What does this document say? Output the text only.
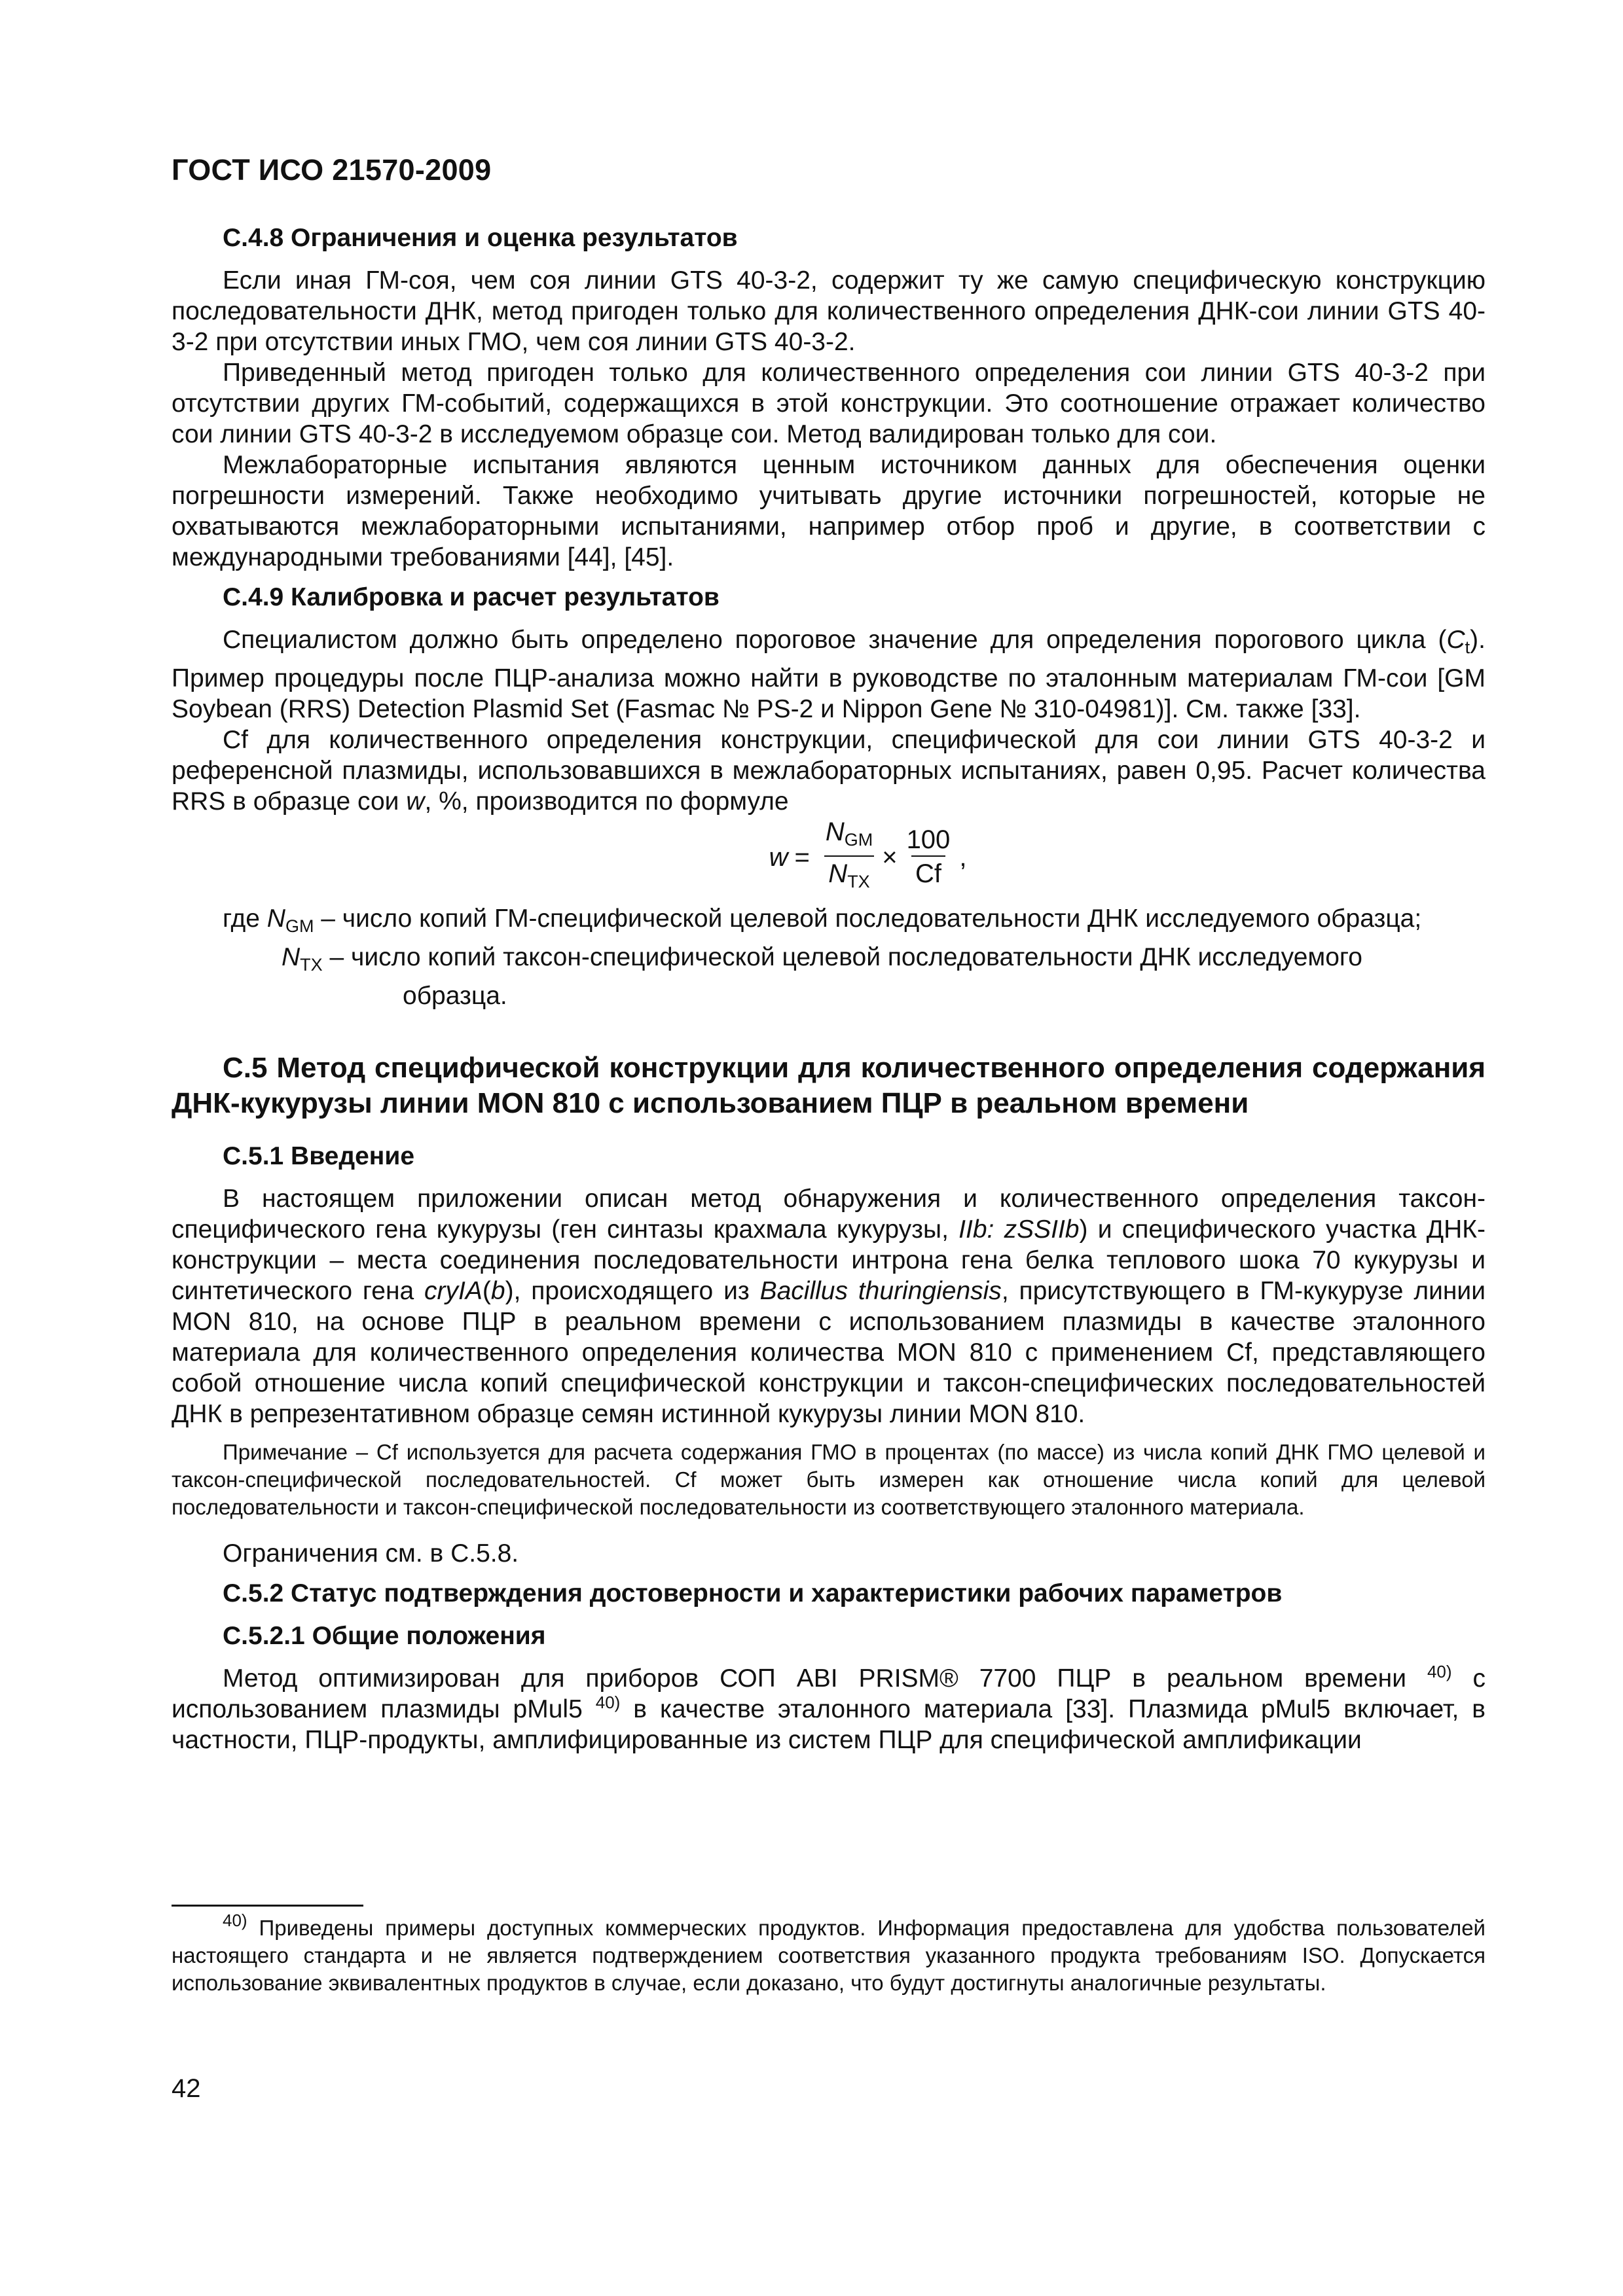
ГОСТ ИСО 21570-2009
С.4.8 Ограничения и оценка результатов

Если иная ГМ-соя, чем соя линии GTS 40-3-2, содержит ту же самую специфическую конструкцию последовательности ДНК, метод пригоден только для количественного определения ДНК-сои линии GTS 40-3-2 при отсутствии иных ГМО, чем соя линии GTS 40-3-2.

Приведенный метод пригоден только для количественного определения сои линии GTS 40-3-2 при отсутствии других ГМ-событий, содержащихся в этой конструкции. Это соотношение отражает количество сои линии GTS 40-3-2 в исследуемом образце сои. Метод валидирован только для сои.

Межлабораторные испытания являются ценным источником данных для обеспечения оценки погрешности измерений. Также необходимо учитывать другие источники погрешностей, которые не охватываются межлабораторными испытаниями, например отбор проб и другие, в соответствии с международными требованиями [44], [45].

С.4.9 Калибровка и расчет результатов

Специалистом должно быть определено пороговое значение для определения порогового цикла $(C_t)$. Пример процедуры после ПЦР-анализа можно найти в руководстве по эталонным материалам ГМ-сои [GM Soybean (RRS) Detection Plasmid Set (Fasmac № PS-2 и Nippon Gene № 310-04981)]. См. также [33].

Cf для количественного определения конструкции, специфической для сои линии GTS 40-3-2 и референсной плазмиды, использовавшихся в межлабораторных испытаниях, равен 0,95. Расчет количества RRS в образце сои w, %, производится по формуле

$w = \frac{N_{GM}}{N_{TX}} \times \frac{100}{Cf}$ ,
где $N_{GM}$ – число копий ГМ-специфической целевой последовательности ДНК исследуемого образца;
$N_{TX}$ – число копий таксон-специфической целевой последовательности ДНК исследуемого
образца.
С.5 Метод специфической конструкции для количественного определения содержания ДНК-кукурузы линии MON 810 с использованием ПЦР в реальном времени
С.5.1 Введение

В настоящем приложении описан метод обнаружения и количественного определения таксон-специфического гена кукурузы (ген синтазы крахмала кукурузы, IIb: zSSIIb) и специфического участка ДНК-конструкции – места соединения последовательности интрона гена белка теплового шока 70 кукурузы и синтетического гена cryIA(b), происходящего из Bacillus thuringiensis, присутствующего в ГМ-кукурузе линии MON 810, на основе ПЦР в реальном времени с использованием плазмиды в качестве эталонного материала для количественного определения количества MON 810 с применением Cf, представляющего собой отношение числа копий специфической конструкции и таксон-специфических последовательностей ДНК в репрезентативном образце семян истинной кукурузы линии MON 810.

Примечание – Cf используется для расчета содержания ГМО в процентах (по массе) из числа копий ДНК ГМО целевой и таксон-специфической последовательностей. Cf может быть измерен как отношение числа копий для целевой последовательности и таксон-специфической последовательности из соответствующего эталонного материала.

Ограничения см. в С.5.8.

С.5.2 Статус подтверждения достоверности и характеристики рабочих параметров
С.5.2.1 Общие положения

Метод оптимизирован для приборов СОП ABI PRISM® 7700 ПЦР в реальном времени $^{40)}$ с использованием плазмиды pMul5 $^{40)}$ в качестве эталонного материала [33]. Плазмида pMul5 включает, в частности, ПЦР-продукты, амплифицированные из систем ПЦР для специфической амплификации

$^{40)}$ Приведены примеры доступных коммерческих продуктов. Информация предоставлена для удобства пользователей настоящего стандарта и не является подтверждением соответствия указанного продукта требованиям ISO. Допускается использование эквивалентных продуктов в случае, если доказано, что будут достигнуты аналогичные результаты.
42
